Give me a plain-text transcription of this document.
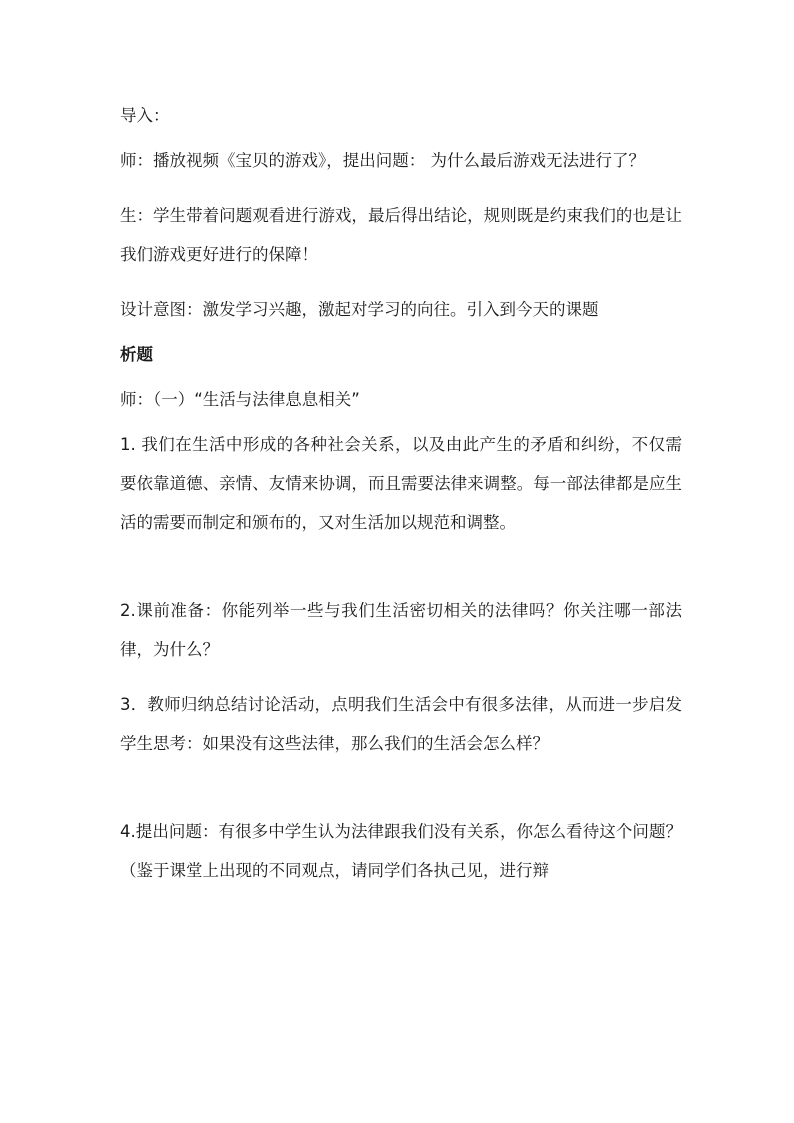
导入：

师：播放视频《宝贝的游戏》，提出问题： 为什么最后游戏无法进行了？

生：学生带着问题观看进行游戏，最后得出结论，规则既是约束我们的也是让我们游戏更好进行的保障！

设计意图：激发学习兴趣，激起对学习的向往。引入到今天的课题

析题

师：（一）“生活与法律息息相关”

1. 我们在生活中形成的各种社会关系，以及由此产生的矛盾和纠纷，不仅需要依靠道德、亲情、友情来协调，而且需要法律来调整。每一部法律都是应生活的需要而制定和颁布的，又对生活加以规范和调整。

2.课前准备：你能列举一些与我们生活密切相关的法律吗？你关注哪一部法律，为什么？

3．教师归纳总结讨论活动，点明我们生活会中有很多法律，从而进一步启发学生思考：如果没有这些法律，那么我们的生活会怎么样？

4.提出问题：有很多中学生认为法律跟我们没有关系，你怎么看待这个问题？（鉴于课堂上出现的不同观点，请同学们各执己见，进行辩
